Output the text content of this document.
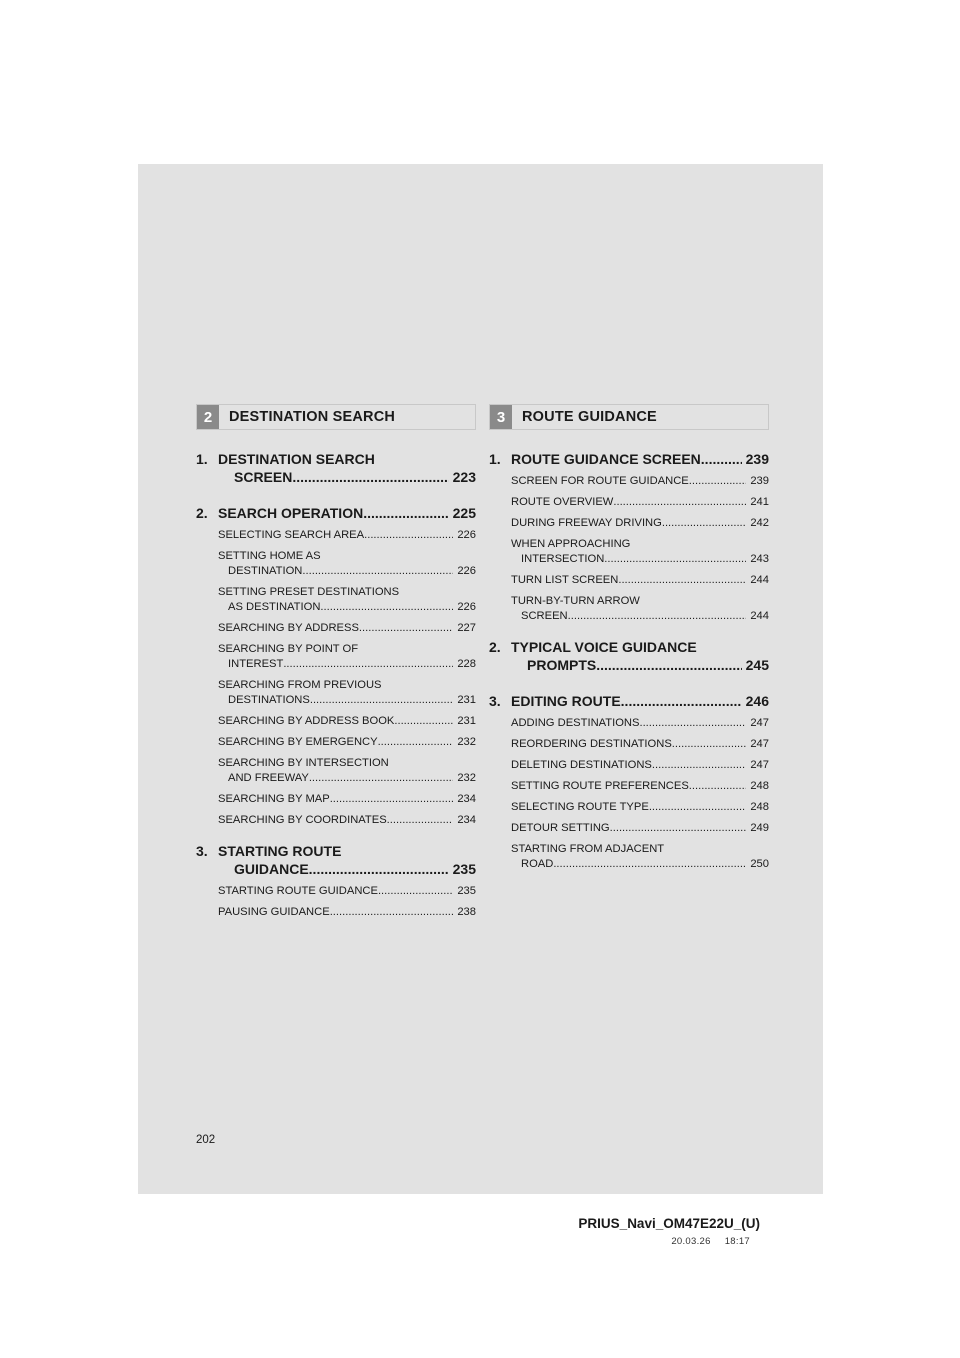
2	DESTINATION SEARCH
1. DESTINATION SEARCH
SCREEN .....	223
2. SEARCH OPERATION .....	225
SELECTING SEARCH AREA .....	226
SETTING HOME AS
DESTINATION .....	226
SETTING PRESET DESTINATIONS
AS DESTINATION .....	226
SEARCHING BY ADDRESS .....	227
SEARCHING BY POINT OF
INTEREST .....	228
SEARCHING FROM PREVIOUS
DESTINATIONS .....	231
SEARCHING BY ADDRESS BOOK .....	231
SEARCHING BY EMERGENCY .....	232
SEARCHING BY INTERSECTION
AND FREEWAY .....	232
SEARCHING BY MAP .....	234
SEARCHING BY COORDINATES .....	234
3. STARTING ROUTE
GUIDANCE .....	235
STARTING ROUTE GUIDANCE .....	235
PAUSING GUIDANCE .....	238
3	ROUTE GUIDANCE
1. ROUTE GUIDANCE SCREEN .....	239
SCREEN FOR ROUTE GUIDANCE .....	239
ROUTE OVERVIEW .....	241
DURING FREEWAY DRIVING .....	242
WHEN APPROACHING
INTERSECTION .....	243
TURN LIST SCREEN .....	244
TURN-BY-TURN ARROW
SCREEN .....	244
2. TYPICAL VOICE GUIDANCE
PROMPTS .....	245
3. EDITING ROUTE .....	246
ADDING DESTINATIONS .....	247
REORDERING DESTINATIONS .....	247
DELETING DESTINATIONS .....	247
SETTING ROUTE PREFERENCES .....	248
SELECTING ROUTE TYPE .....	248
DETOUR SETTING .....	249
STARTING FROM ADJACENT
ROAD .....	250
202
PRIUS_Navi_OM47E22U_(U)
20.03.26 18:17
